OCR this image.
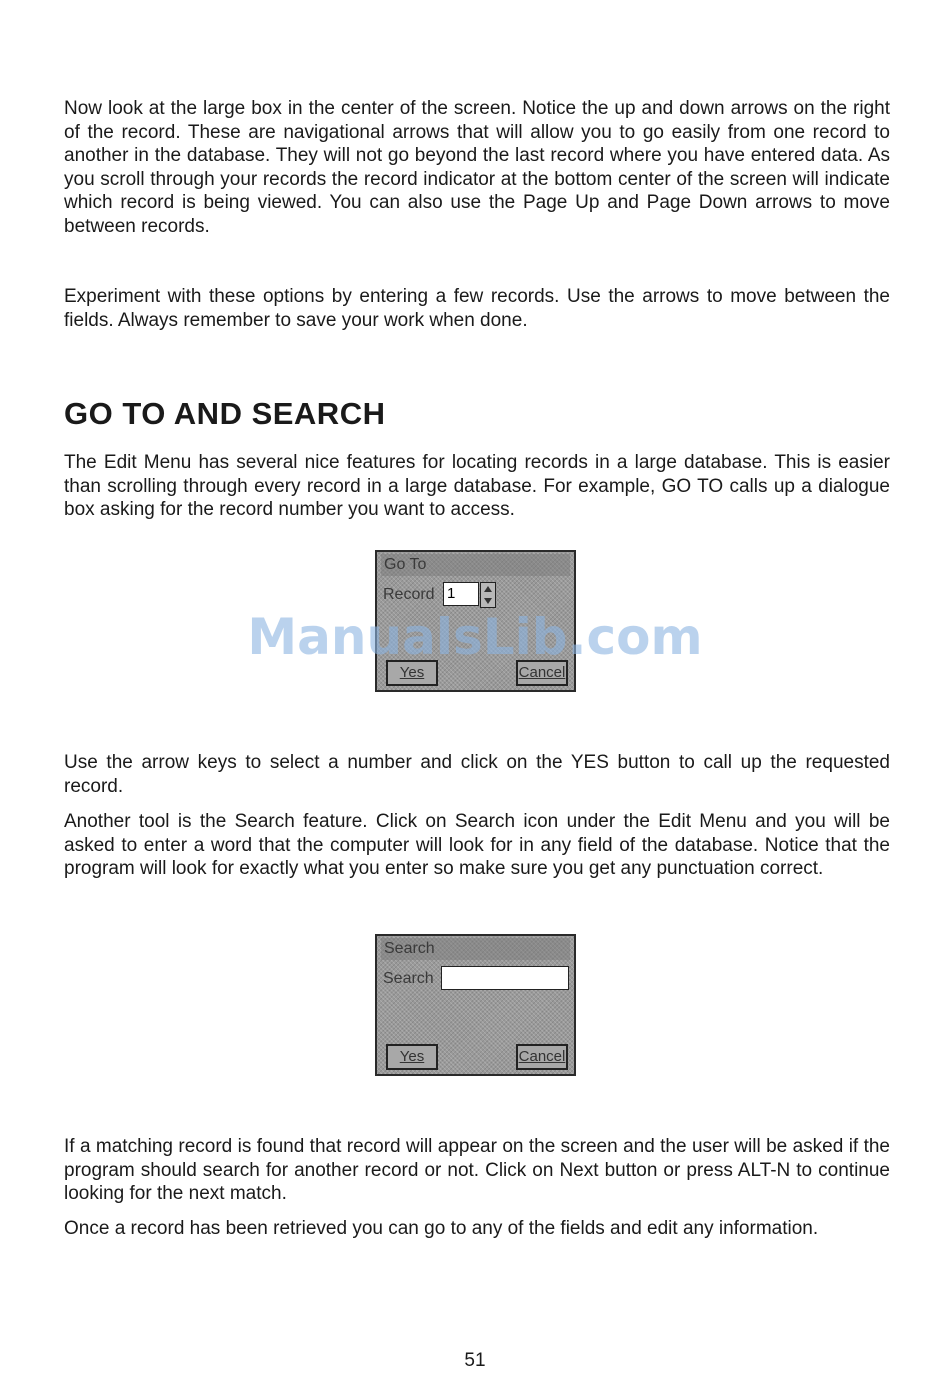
Now look at the large box in the center of the screen. Notice the up and down arrows on the right of the record. These are navigational arrows that will allow you to go easily from one record to another in the database. They will not go beyond the last record where you have entered data. As you scroll through your records the record indicator at the bottom center of the screen will indicate which record is being viewed. You can also use the Page Up and Page Down arrows to move between records.

Experiment with these options by entering a few records. Use the arrows to move between the fields. Always remember to save your work when done.

GO TO AND SEARCH

The Edit Menu has several nice features for locating records in a large database. This is easier than scrolling through every record in a large database. For example, GO TO calls up a dialogue box asking for the record number you want to access.

Go To
Record 1
Yes	Cancel
ManualsLib.com

Use the arrow keys to select a number and click on the YES button to call up the requested record.

Another tool is the Search feature. Click on Search icon under the Edit Menu and you will be asked to enter a word that the computer will look for in any field of the database. Notice that the program will look for exactly what you enter so make sure you get any punctuation correct.

Search
Search
Yes	Cancel

If a matching record is found that record will appear on the screen and the user will be asked if the program should search for another record or not. Click on Next button or press ALT-N to continue looking for the next match.

Once a record has been retrieved you can go to any of the fields and edit any information.

51
